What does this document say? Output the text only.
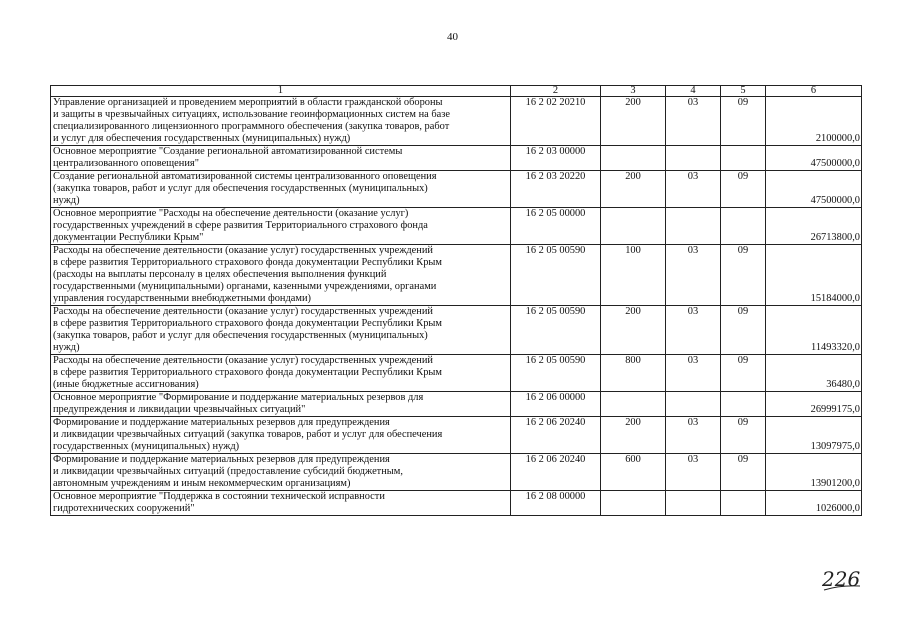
40
1	2	3	4	5	6

Управление организацией и проведением мероприятий в области гражданской обороны
и защиты в чрезвычайных ситуациях, использование геоинформационных систем на базе
специализированного лицензионного программного обеспечения (закупка товаров, работ
и услуг для обеспечения государственных (муниципальных) нужд)	16 2 02 20210	200	03	09	2100000,0

Основное мероприятие "Создание региональной автоматизированной системы
централизованного оповещения"	16 2 03 00000				47500000,0

Создание региональной автоматизированной системы централизованного оповещения
(закупка товаров, работ и услуг для обеспечения государственных (муниципальных)
нужд)	16 2 03 20220	200	03	09	47500000,0

Основное мероприятие "Расходы на обеспечение деятельности (оказание услуг)
государственных учреждений в сфере развития Территориального страхового фонда
документации Республики Крым"	16 2 05 00000				26713800,0

Расходы на обеспечение деятельности (оказание услуг) государственных учреждений
в сфере развития Территориального страхового фонда документации Республики Крым
(расходы на выплаты персоналу в целях обеспечения выполнения функций
государственными (муниципальными) органами, казенными учреждениями, органами
управления государственными внебюджетными фондами)	16 2 05 00590	100	03	09	15184000,0

Расходы на обеспечение деятельности (оказание услуг) государственных учреждений
в сфере развития Территориального страхового фонда документации Республики Крым
(закупка товаров, работ и услуг для обеспечения государственных (муниципальных)
нужд)	16 2 05 00590	200	03	09	11493320,0

Расходы на обеспечение деятельности (оказание услуг) государственных учреждений
в сфере развития Территориального страхового фонда документации Республики Крым
(иные бюджетные ассигнования)	16 2 05 00590	800	03	09	36480,0

Основное мероприятие "Формирование и поддержание материальных резервов для
предупреждения и ликвидации чрезвычайных ситуаций"	16 2 06 00000				26999175,0

Формирование и поддержание материальных резервов для предупреждения
и ликвидации чрезвычайных ситуаций (закупка товаров, работ и услуг для обеспечения
государственных (муниципальных) нужд)	16 2 06 20240	200	03	09	13097975,0

Формирование и поддержание материальных резервов для предупреждения
и ликвидации чрезвычайных ситуаций (предоставление субсидий бюджетным,
автономным учреждениям и иным некоммерческим организациям)	16 2 06 20240	600	03	09	13901200,0

Основное мероприятие "Поддержка в состоянии технической исправности
гидротехнических сооружений"	16 2 08 00000				1026000,0
226
